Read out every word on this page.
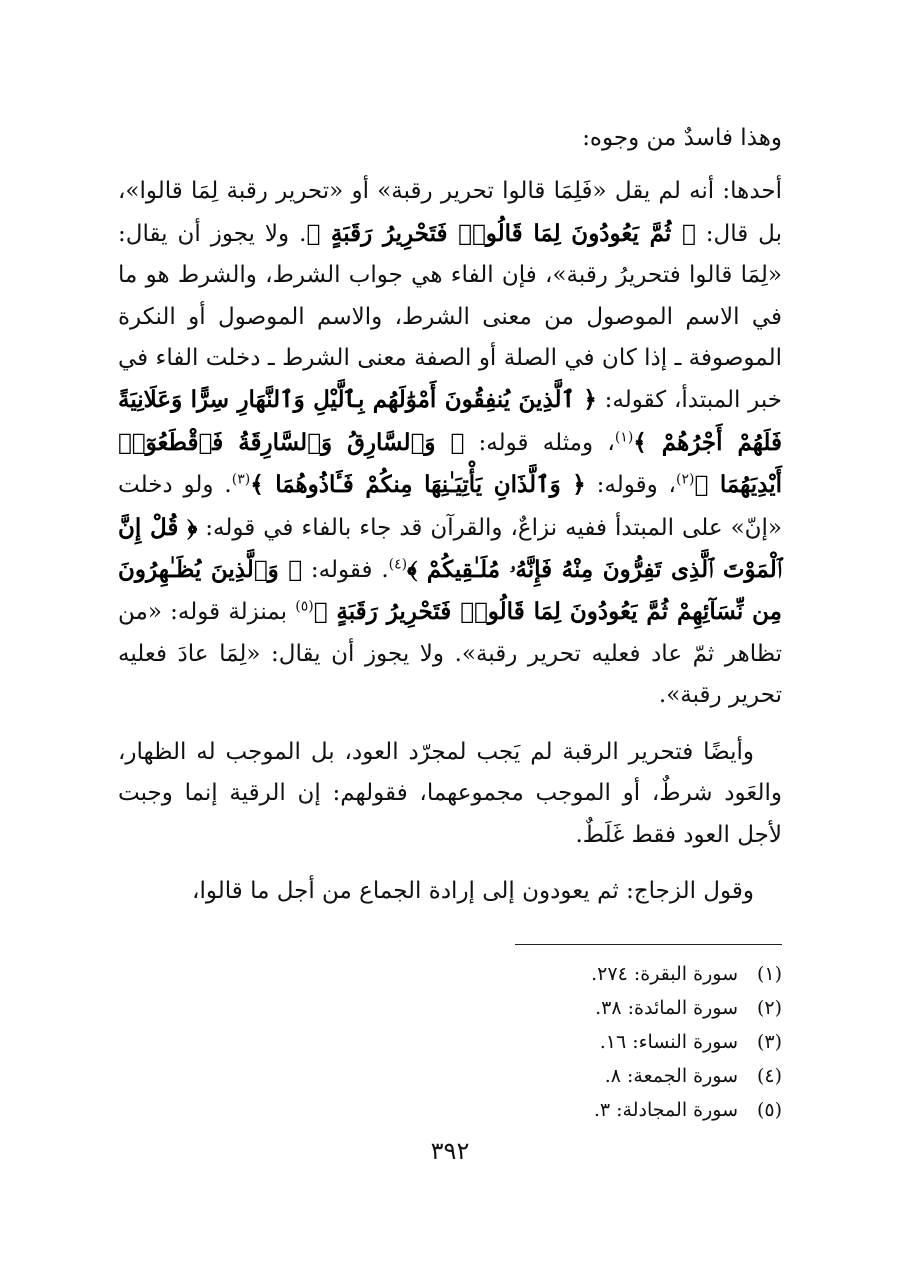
وهذا فاسدٌ من وجوه:

أحدها: أنه لم يقل «فَلِمَا قالوا تحرير رقبة» أو «تحرير رقبة لِمَا قالوا»، بل قال: ﴿ ثُمَّ يَعُودُونَ لِمَا قَالُوا۟ فَتَحْرِيرُ رَقَبَةٍ ﴾. ولا يجوز أن يقال: «لِمَا قالوا فتحريرُ رقبة»، فإن الفاء هي جواب الشرط، والشرط هو ما في الاسم الموصول من معنى الشرط، والاسم الموصول أو النكرة الموصوفة ـ إذا كان في الصلة أو الصفة معنى الشرط ـ دخلت الفاء في خبر المبتدأ، كقوله: ﴿ ٱلَّذِينَ يُنفِقُونَ أَمْوَٰلَهُم بِٱلَّيْلِ وَٱلنَّهَارِ سِرًّا وَعَلَانِيَةً فَلَهُمْ أَجْرُهُمْ ﴾$^{(١)}$، ومثله قوله: ﴿ وَٱلسَّارِقُ وَٱلسَّارِقَةُ فَٱقْطَعُوٓا۟ أَيْدِيَهُمَا ﴾$^{(٢)}$، وقوله: ﴿ وَٱلَّذَانِ يَأْتِيَـٰنِهَا مِنكُمْ فَـَٔاذُوهُمَا ﴾$^{(٣)}$. ولو دخلت «إنّ» على المبتدأ ففيه نزاعٌ، والقرآن قد جاء بالفاء في قوله: ﴿ قُلْ إِنَّ ٱلْمَوْتَ ٱلَّذِى تَفِرُّونَ مِنْهُ فَإِنَّهُۥ مُلَـٰقِيكُمْ ﴾$^{(٤)}$. فقوله: ﴿ وَٱلَّذِينَ يُظَـٰهِرُونَ مِن نِّسَآئِهِمْ ثُمَّ يَعُودُونَ لِمَا قَالُوا۟ فَتَحْرِيرُ رَقَبَةٍ ﴾$^{(٥)}$ بمنزلة قوله: «من تظاهر ثمّ عاد فعليه تحرير رقبة». ولا يجوز أن يقال: «لِمَا عادَ فعليه تحرير رقبة».

وأيضًا فتحرير الرقبة لم يَجب لمجرّد العود، بل الموجب له الظهار، والعَود شرطٌ، أو الموجب مجموعهما، فقولهم: إن الرقية إنما وجبت لأجل العود فقط غَلَطٌ.

وقول الزجاج: ثم يعودون إلى إرادة الجماع من أجل ما قالوا،

(١)
سورة البقرة: ٢٧٤.
(٢)
سورة المائدة: ٣٨.
(٣)
سورة النساء: ١٦.
(٤)
سورة الجمعة: ٨.
(٥)
سورة المجادلة: ٣.
٣٩٢
